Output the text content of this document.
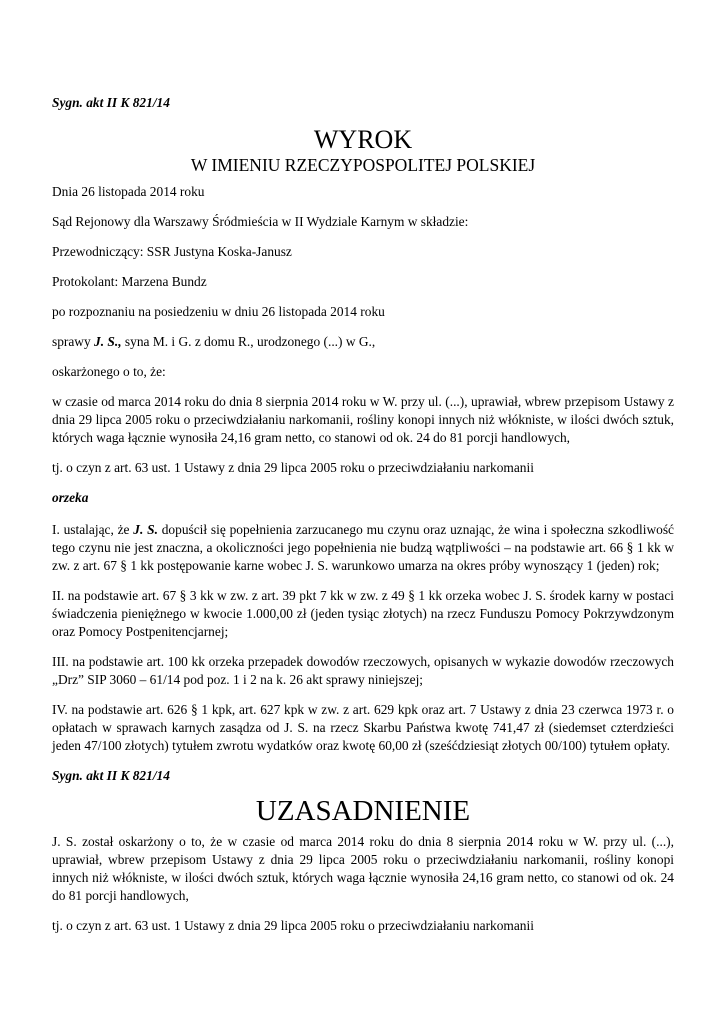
Sygn. akt II K 821/14

WYROK
W IMIENIU RZECZYPOSPOLITEJ POLSKIEJ

Dnia 26 listopada 2014 roku

Sąd Rejonowy dla Warszawy Śródmieścia w II Wydziale Karnym w składzie:

Przewodniczący: SSR Justyna Koska-Janusz

Protokolant: Marzena Bundz

po rozpoznaniu na posiedzeniu w dniu 26 listopada 2014 roku

sprawy J. S., syna M. i G. z domu R., urodzonego (...) w G.,

oskarżonego o to, że:

w czasie od marca 2014 roku do dnia 8 sierpnia 2014 roku w W. przy ul. (...), uprawiał, wbrew przepisom Ustawy z dnia 29 lipca 2005 roku o przeciwdziałaniu narkomanii, rośliny konopi innych niż włókniste, w ilości dwóch sztuk, których waga łącznie wynosiła 24,16 gram netto, co stanowi od ok. 24 do 81 porcji handlowych,

tj. o czyn z art. 63 ust. 1 Ustawy z dnia 29 lipca 2005 roku o przeciwdziałaniu narkomanii

orzeka

I. ustalając, że J. S. dopuścił się popełnienia zarzucanego mu czynu oraz uznając, że wina i społeczna szkodliwość tego czynu nie jest znaczna, a okoliczności jego popełnienia nie budzą wątpliwości – na podstawie art. 66 § 1 kk w zw. z art. 67 § 1 kk postępowanie karne wobec J. S. warunkowo umarza na okres próby wynoszący 1 (jeden) rok;

II. na podstawie art. 67 § 3 kk w zw. z art. 39 pkt 7 kk w zw. z 49 § 1 kk orzeka wobec J. S. środek karny w postaci świadczenia pieniężnego w kwocie 1.000,00 zł (jeden tysiąc złotych) na rzecz Funduszu Pomocy Pokrzywdzonym oraz Pomocy Postpenitencjarnej;

III. na podstawie art. 100 kk orzeka przepadek dowodów rzeczowych, opisanych w wykazie dowodów rzeczowych „Drz” SIP 3060 – 61/14 pod poz. 1 i 2 na k. 26 akt sprawy niniejszej;

IV. na podstawie art. 626 § 1 kpk, art. 627 kpk w zw. z art. 629 kpk oraz art. 7 Ustawy z dnia 23 czerwca 1973 r. o opłatach w sprawach karnych zasądza od J. S. na rzecz Skarbu Państwa kwotę 741,47 zł (siedemset czterdzieści jeden 47/100 złotych) tytułem zwrotu wydatków oraz kwotę 60,00 zł (sześćdziesiąt złotych 00/100) tytułem opłaty.

Sygn. akt II K 821/14

UZASADNIENIE

J. S. został oskarżony o to, że w czasie od marca 2014 roku do dnia 8 sierpnia 2014 roku w W. przy ul. (...), uprawiał, wbrew przepisom Ustawy z dnia 29 lipca 2005 roku o przeciwdziałaniu narkomanii, rośliny konopi innych niż włókniste, w ilości dwóch sztuk, których waga łącznie wynosiła 24,16 gram netto, co stanowi od ok. 24 do 81 porcji handlowych,

tj. o czyn z art. 63 ust. 1 Ustawy z dnia 29 lipca 2005 roku o przeciwdziałaniu narkomanii
